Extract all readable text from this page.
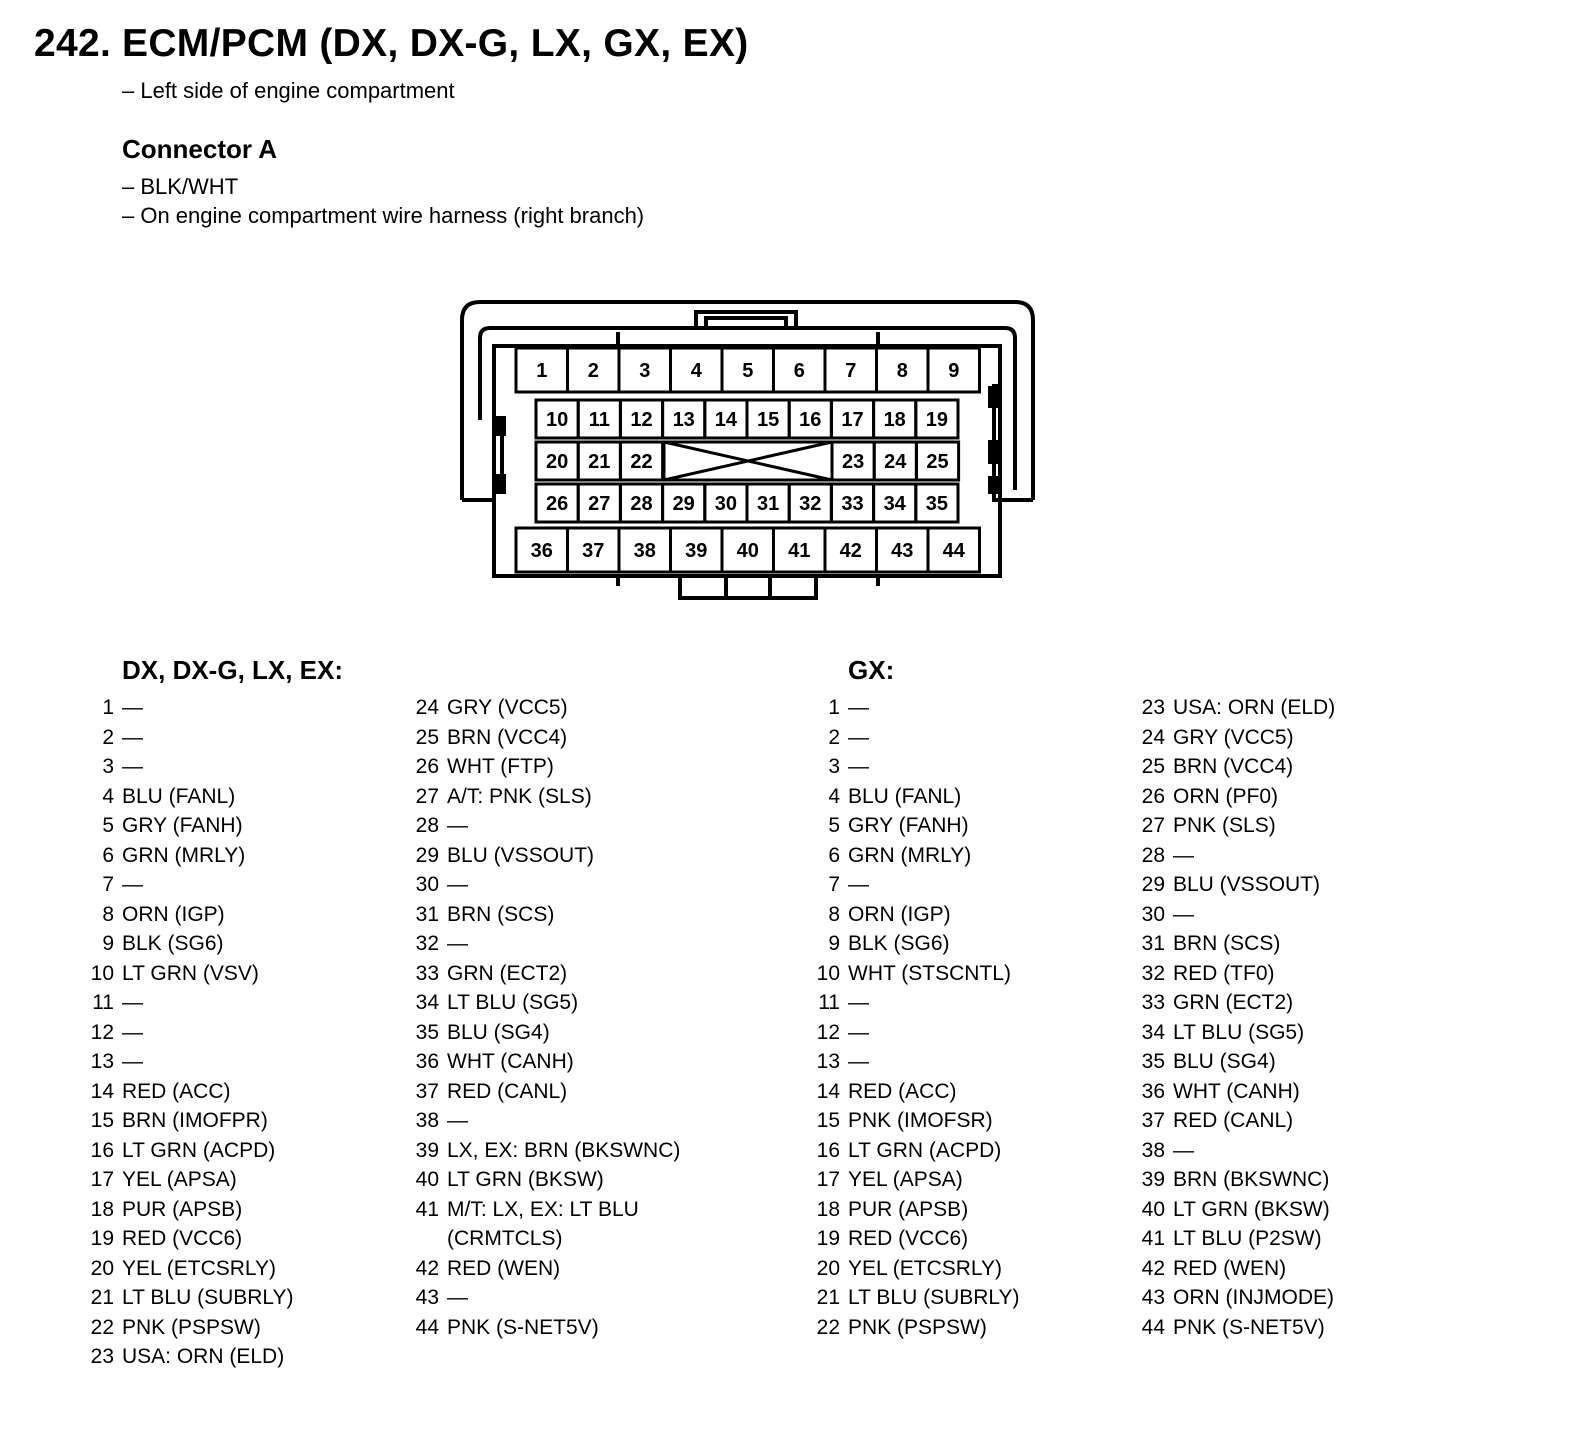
242. ECM/PCM (DX, DX-G, LX, GX, EX)
– Left side of engine compartment
Connector A
– BLK/WHT
– On engine compartment wire harness (right branch)
1 2 3 4 5 6 7 8 9
10 11 12 13 14 15 16 17 18 19
20 21 22	23 24 25
26 27 28 29 30 31 32 33 34 35
36 37 38 39 40 41 42 43 44
DX, DX-G, LX, EX:
1 —
2 —
3 —
4 BLU (FANL)
5 GRY (FANH)
6 GRN (MRLY)
7 —
8 ORN (IGP)
9 BLK (SG6)
10 LT GRN (VSV)
11 —
12 —
13 —
14 RED (ACC)
15 BRN (IMOFPR)
16 LT GRN (ACPD)
17 YEL (APSA)
18 PUR (APSB)
19 RED (VCC6)
20 YEL (ETCSRLY)
21 LT BLU (SUBRLY)
22 PNK (PSPSW)
23 USA: ORN (ELD)
24 GRY (VCC5)
25 BRN (VCC4)
26 WHT (FTP)
27 A/T: PNK (SLS)
28 —
29 BLU (VSSOUT)
30 —
31 BRN (SCS)
32 —
33 GRN (ECT2)
34 LT BLU (SG5)
35 BLU (SG4)
36 WHT (CANH)
37 RED (CANL)
38 —
39 LX, EX: BRN (BKSWNC)
40 LT GRN (BKSW)
41 M/T: LX, EX: LT BLU
(CRMTCLS)
42 RED (WEN)
43 —
44 PNK (S-NET5V)
GX:
1 —
2 —
3 —
4 BLU (FANL)
5 GRY (FANH)
6 GRN (MRLY)
7 —
8 ORN (IGP)
9 BLK (SG6)
10 WHT (STSCNTL)
11 —
12 —
13 —
14 RED (ACC)
15 PNK (IMOFSR)
16 LT GRN (ACPD)
17 YEL (APSA)
18 PUR (APSB)
19 RED (VCC6)
20 YEL (ETCSRLY)
21 LT BLU (SUBRLY)
22 PNK (PSPSW)
23 USA: ORN (ELD)
24 GRY (VCC5)
25 BRN (VCC4)
26 ORN (PF0)
27 PNK (SLS)
28 —
29 BLU (VSSOUT)
30 —
31 BRN (SCS)
32 RED (TF0)
33 GRN (ECT2)
34 LT BLU (SG5)
35 BLU (SG4)
36 WHT (CANH)
37 RED (CANL)
38 —
39 BRN (BKSWNC)
40 LT GRN (BKSW)
41 LT BLU (P2SW)
42 RED (WEN)
43 ORN (INJMODE)
44 PNK (S-NET5V)
